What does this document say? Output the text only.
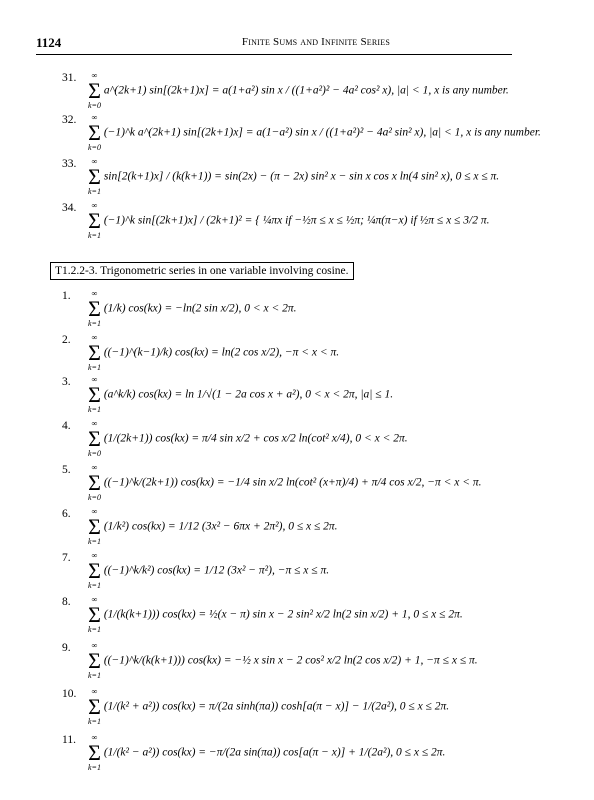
1124	Finite Sums and Infinite Series
31.	∞
Σ
k=0
a^(2k+1) sin[(2k+1)x] = a(1+a²) sin x / ((1+a²)² − 4a² cos² x), |a| < 1, x is any number.
32.	∞
Σ
k=0
(−1)^k a^(2k+1) sin[(2k+1)x] = a(1−a²) sin x / ((1+a²)² − 4a² sin² x), |a| < 1, x is any number.
33.	∞
Σ
k=1
sin[2(k+1)x] / (k(k+1)) = sin(2x) − (π − 2x) sin² x − sin x cos x ln(4 sin² x), 0 ≤ x ≤ π.
34.	∞
Σ
k=1
(−1)^k sin[(2k+1)x] / (2k+1)² = { ¼πx if −½π ≤ x ≤ ½π; ¼π(π−x) if ½π ≤ x ≤ 3/2 π.
T1.2.2-3. Trigonometric series in one variable involving cosine.
1.	∞
Σ
k=1
(1/k) cos(kx) = −ln(2 sin x/2), 0 < x < 2π.
2.	∞
Σ
k=1
((−1)^(k−1)/k) cos(kx) = ln(2 cos x/2), −π < x < π.
3.	∞
Σ
k=1
(a^k/k) cos(kx) = ln 1/√(1 − 2a cos x + a²), 0 < x < 2π, |a| ≤ 1.
4.	∞
Σ
k=0
(1/(2k+1)) cos(kx) = π/4 sin x/2 + cos x/2 ln(cot² x/4), 0 < x < 2π.
5.	∞
Σ
k=0
((−1)^k/(2k+1)) cos(kx) = −1/4 sin x/2 ln(cot² (x+π)/4) + π/4 cos x/2, −π < x < π.
6.	∞
Σ
k=1
(1/k²) cos(kx) = 1/12 (3x² − 6πx + 2π²), 0 ≤ x ≤ 2π.
7.	∞
Σ
k=1
((−1)^k/k²) cos(kx) = 1/12 (3x² − π²), −π ≤ x ≤ π.
8.	∞
Σ
k=1
(1/(k(k+1))) cos(kx) = ½(x − π) sin x − 2 sin² x/2 ln(2 sin x/2) + 1, 0 ≤ x ≤ 2π.
9.	∞
Σ
k=1
((−1)^k/(k(k+1))) cos(kx) = −½ x sin x − 2 cos² x/2 ln(2 cos x/2) + 1, −π ≤ x ≤ π.
10.	∞
Σ
k=1
(1/(k² + a²)) cos(kx) = π/(2a sinh(πa)) cosh[a(π − x)] − 1/(2a²), 0 ≤ x ≤ 2π.
11.	∞
Σ
k=1
(1/(k² − a²)) cos(kx) = −π/(2a sin(πa)) cos[a(π − x)] + 1/(2a²), 0 ≤ x ≤ 2π.
